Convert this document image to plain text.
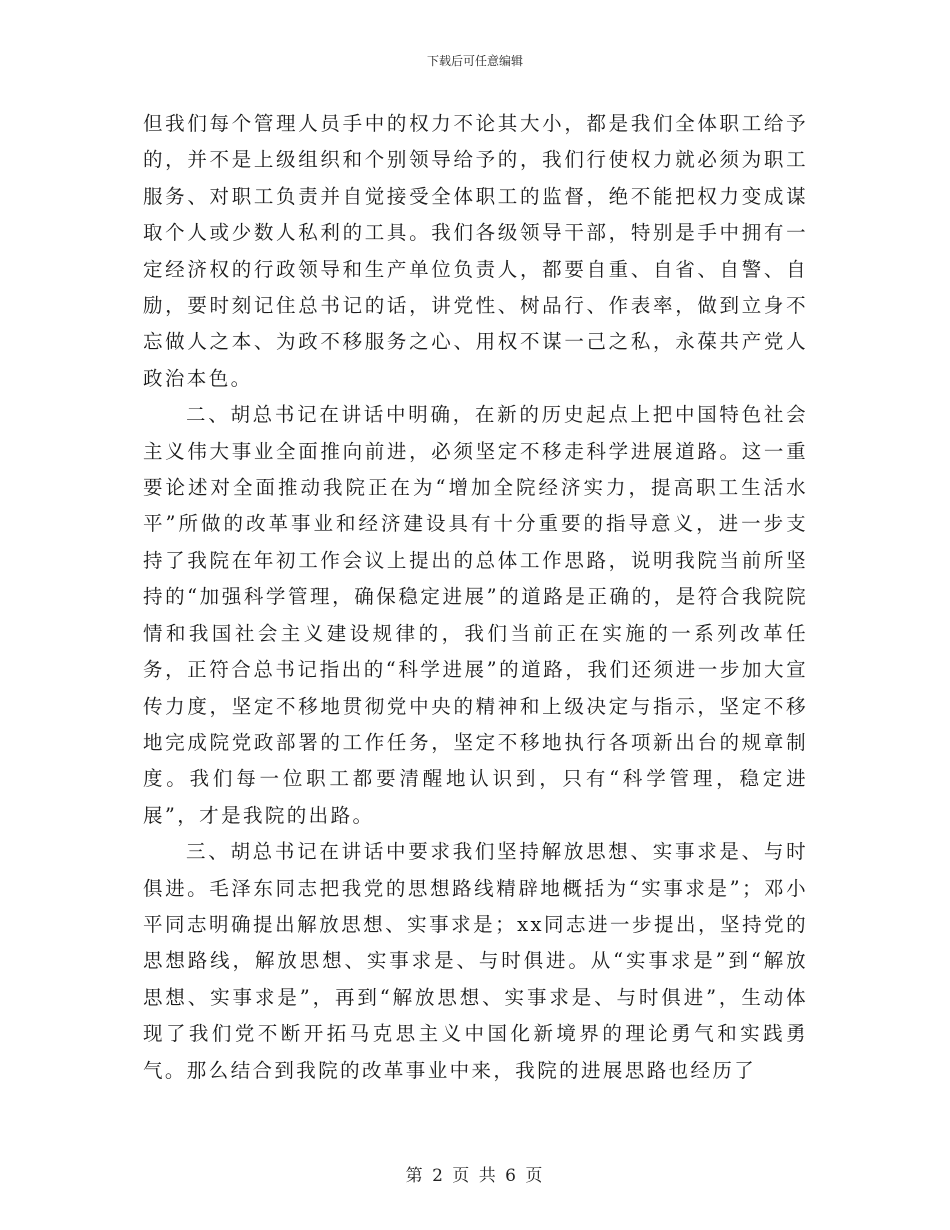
下载后可任意编辑

但我们每个管理人员手中的权力不论其大小，都是我们全体职工给予的，并不是上级组织和个别领导给予的，我们行使权力就必须为职工服务、对职工负责并自觉接受全体职工的监督，绝不能把权力变成谋取个人或少数人私利的工具。我们各级领导干部，特别是手中拥有一定经济权的行政领导和生产单位负责人，都要自重、自省、自警、自励，要时刻记住总书记的话，讲党性、树品行、作表率，做到立身不忘做人之本、为政不移服务之心、用权不谋一己之私，永葆共产党人政治本色。

二、胡总书记在讲话中明确，在新的历史起点上把中国特色社会主义伟大事业全面推向前进，必须坚定不移走科学进展道路。这一重要论述对全面推动我院正在为“增加全院经济实力，提高职工生活水平”所做的改革事业和经济建设具有十分重要的指导意义，进一步支持了我院在年初工作会议上提出的总体工作思路，说明我院当前所坚持的“加强科学管理，确保稳定进展”的道路是正确的，是符合我院院情和我国社会主义建设规律的，我们当前正在实施的一系列改革任务，正符合总书记指出的“科学进展”的道路，我们还须进一步加大宣传力度，坚定不移地贯彻党中央的精神和上级决定与指示，坚定不移地完成院党政部署的工作任务，坚定不移地执行各项新出台的规章制度。我们每一位职工都要清醒地认识到，只有“科学管理，稳定进展”，才是我院的出路。

三、胡总书记在讲话中要求我们坚持解放思想、实事求是、与时俱进。毛泽东同志把我党的思想路线精辟地概括为“实事求是”；邓小平同志明确提出解放思想、实事求是；xx同志进一步提出，坚持党的思想路线，解放思想、实事求是、与时俱进。从“实事求是”到“解放思想、实事求是”，再到“解放思想、实事求是、与时俱进”，生动体现了我们党不断开拓马克思主义中国化新境界的理论勇气和实践勇气。那么结合到我院的改革事业中来，我院的进展思路也经历了

第 2 页 共 6 页
